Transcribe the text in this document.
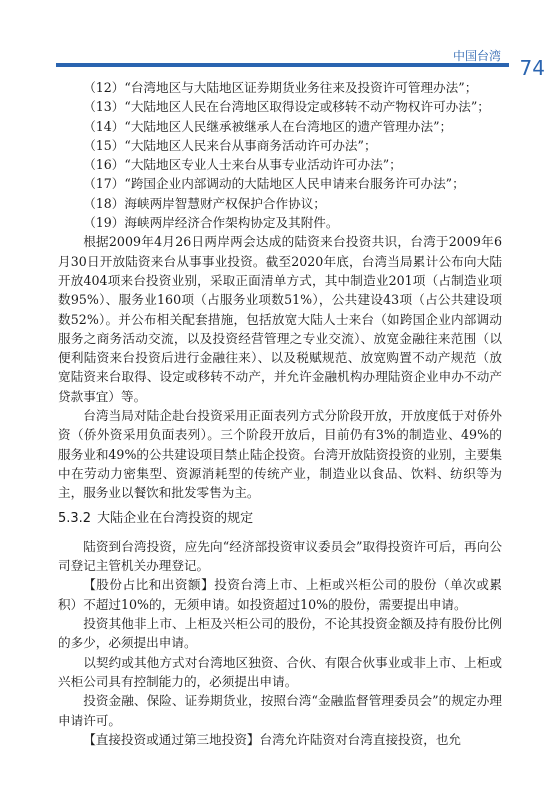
中国台湾 74

（12）“台湾地区与大陆地区证券期货业务往来及投资许可管理办法”；

（13）“大陆地区人民在台湾地区取得设定或移转不动产物权许可办法”；

（14）“大陆地区人民继承被继承人在台湾地区的遗产管理办法”；

（15）“大陆地区人民来台从事商务活动许可办法”；

（16）“大陆地区专业人士来台从事专业活动许可办法”；

（17）“跨国企业内部调动的大陆地区人民申请来台服务许可办法”；

（18）海峡两岸智慧财产权保护合作协议；

（19）海峡两岸经济合作架构协定及其附件。

根据2009年4月26日两岸两会达成的陆资来台投资共识，台湾于2009年6月30日开放陆资来台从事事业投资。截至2020年底，台湾当局累计公布向大陆开放404项来台投资业别，采取正面清单方式，其中制造业201项（占制造业项数95%）、服务业160项（占服务业项数51%），公共建设43项（占公共建设项数52%）。并公布相关配套措施，包括放宽大陆人士来台（如跨国企业内部调动服务之商务活动交流，以及投资经营管理之专业交流）、放宽金融往来范围（以便利陆资来台投资后进行金融往来）、以及税赋规范、放宽购置不动产规范（放宽陆资来台取得、设定或移转不动产，并允许金融机构办理陆资企业申办不动产贷款事宜）等。

台湾当局对陆企赴台投资采用正面表列方式分阶段开放，开放度低于对侨外资（侨外资采用负面表列）。三个阶段开放后，目前仍有3%的制造业、49%的服务业和49%的公共建设项目禁止陆企投资。台湾开放陆资投资的业别，主要集中在劳动力密集型、资源消耗型的传统产业，制造业以食品、饮料、纺织等为主，服务业以餐饮和批发零售为主。

5.3.2 大陆企业在台湾投资的规定

陆资到台湾投资，应先向“经济部投资审议委员会”取得投资许可后，再向公司登记主管机关办理登记。

【股份占比和出资额】投资台湾上市、上柜或兴柜公司的股份（单次或累积）不超过10%的，无须申请。如投资超过10%的股份，需要提出申请。

投资其他非上市、上柜及兴柜公司的股份，不论其投资金额及持有股份比例的多少，必须提出申请。

以契约或其他方式对台湾地区独资、合伙、有限合伙事业或非上市、上柜或兴柜公司具有控制能力的，必须提出申请。

投资金融、保险、证券期货业，按照台湾“金融监督管理委员会”的规定办理申请许可。

【直接投资或通过第三地投资】台湾允许陆资对台湾直接投资，也允
